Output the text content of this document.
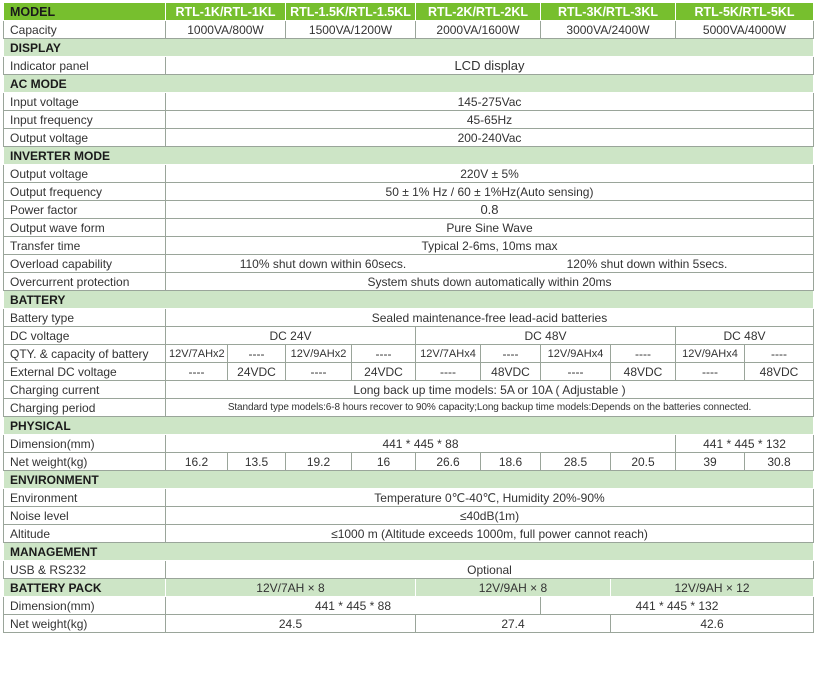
MODEL	RTL-1K/RTL-1KL		RTL-1.5K/RTL-1.5KL		RTL-2K/RTL-2KL		RTL-3K/RTL-3KL		RTL-5K/RTL-5KL	
Capacity	1000VA/800W		1500VA/1200W		2000VA/1600W		3000VA/2400W		5000VA/4000W	
DISPLAY										
Indicator panel	LCD display									
AC MODE										
Input voltage	145-275Vac									
Input frequency	45-65Hz									
Output voltage	200-240Vac									
INVERTER MODE										
Output voltage	220V ± 5%									
Output frequency	50 ± 1% Hz / 60 ± 1%Hz(Auto sensing)									
Power factor	0.8									
Output wave form	Pure Sine Wave									
Transfer time	Typical 2-6ms, 10ms max									
Overload capability	110% shut down within 60secs.					120% shut down within 5secs.				
Overcurrent protection	System shuts down automatically within 20ms									
BATTERY										
Battery type	Sealed maintenance-free lead-acid batteries									
DC voltage	DC 24V				DC 48V				DC 48V	
QTY. & capacity of battery	12V/7AHx2	----	12V/9AHx2	----	12V/7AHx4	----	12V/9AHx4	----	12V/9AHx4	----
External DC voltage	----	24VDC	----	24VDC	----	48VDC	----	48VDC	----	48VDC
Charging current	Long back up time models: 5A or 10A ( Adjustable )									
Charging period	Standard type models:6-8 hours recover to 90% capacity;Long backup time models:Depends on the batteries connected.									
PHYSICAL										
Dimension(mm)	441 * 445 * 88								441 * 445 * 132	
Net weight(kg)	16.2	13.5	19.2	16	26.6	18.6	28.5	20.5	39	30.8
ENVIRONMENT										
Environment	Temperature 0℃-40℃, Humidity 20%-90%									
Noise level	≤40dB(1m)									
Altitude	≤1000 m (Altitude exceeds 1000m, full power cannot reach)									
MANAGEMENT										
USB & RS232	Optional									
BATTERY PACK	12V/7AH × 8				12V/9AH × 8			12V/9AH × 12		
Dimension(mm)	441 * 445 * 88						441 * 445 * 132			
Net weight(kg)	24.5				27.4			42.6		
